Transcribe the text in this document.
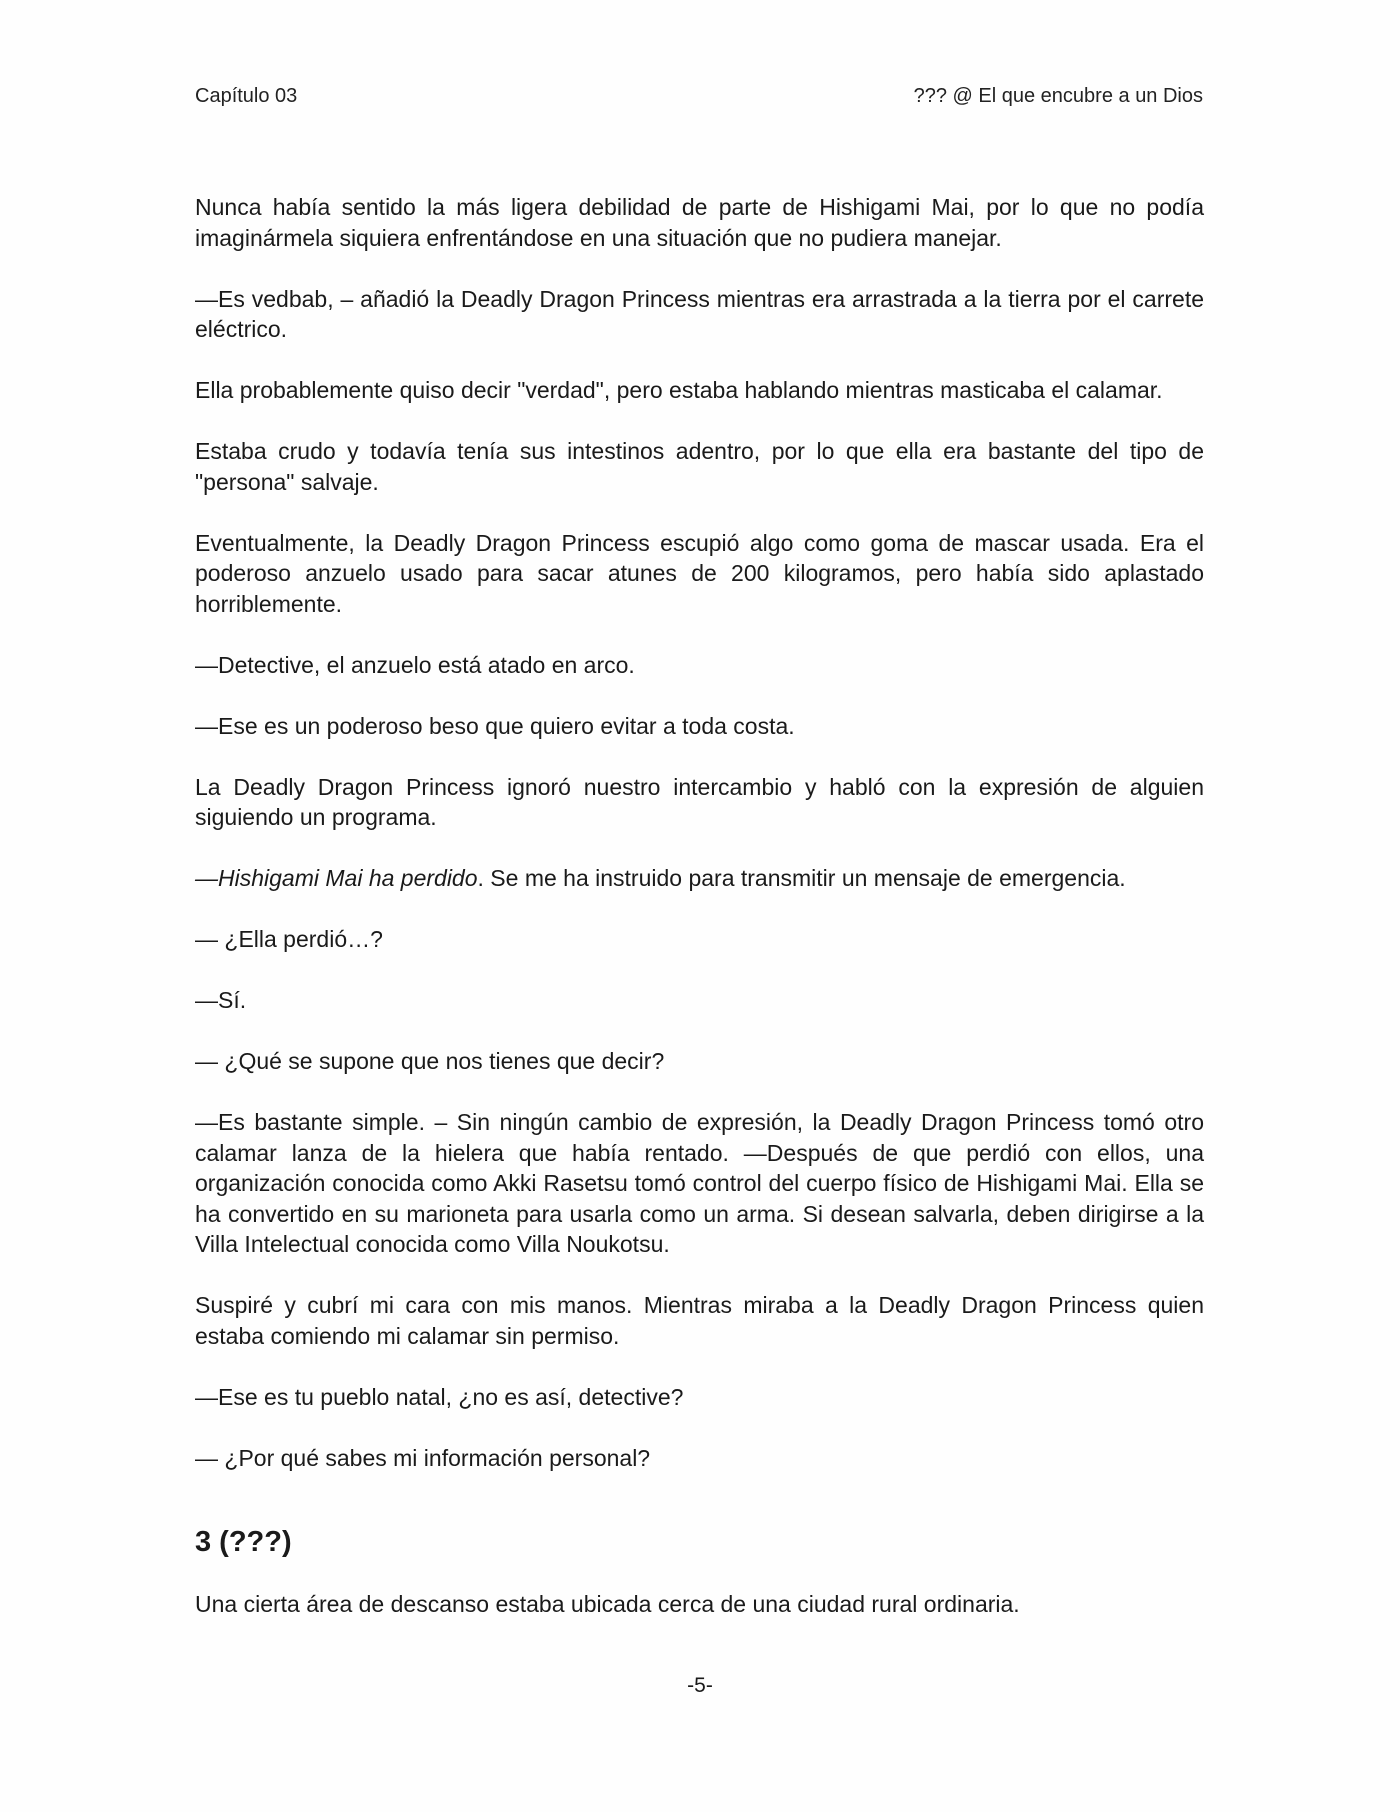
Capítulo 03	??? @ El que encubre a un Dios

Nunca había sentido la más ligera debilidad de parte de Hishigami Mai, por lo que no podía imaginármela siquiera enfrentándose en una situación que no pudiera manejar.

—Es vedbab, – añadió la Deadly Dragon Princess mientras era arrastrada a la tierra por el carrete eléctrico.

Ella probablemente quiso decir "verdad", pero estaba hablando mientras masticaba el calamar.

Estaba crudo y todavía tenía sus intestinos adentro, por lo que ella era bastante del tipo de "persona" salvaje.

Eventualmente, la Deadly Dragon Princess escupió algo como goma de mascar usada. Era el poderoso anzuelo usado para sacar atunes de 200 kilogramos, pero había sido aplastado horriblemente.

—Detective, el anzuelo está atado en arco.

—Ese es un poderoso beso que quiero evitar a toda costa.

La Deadly Dragon Princess ignoró nuestro intercambio y habló con la expresión de alguien siguiendo un programa.

—Hishigami Mai ha perdido. Se me ha instruido para transmitir un mensaje de emergencia.

— ¿Ella perdió…?

—Sí.

— ¿Qué se supone que nos tienes que decir?

—Es bastante simple. – Sin ningún cambio de expresión, la Deadly Dragon Princess tomó otro calamar lanza de la hielera que había rentado. —Después de que perdió con ellos, una organización conocida como Akki Rasetsu tomó control del cuerpo físico de Hishigami Mai. Ella se ha convertido en su marioneta para usarla como un arma. Si desean salvarla, deben dirigirse a la Villa Intelectual conocida como Villa Noukotsu.

Suspiré y cubrí mi cara con mis manos. Mientras miraba a la Deadly Dragon Princess quien estaba comiendo mi calamar sin permiso.

—Ese es tu pueblo natal, ¿no es así, detective?

— ¿Por qué sabes mi información personal?

3 (???)

Una cierta área de descanso estaba ubicada cerca de una ciudad rural ordinaria.

-5-
